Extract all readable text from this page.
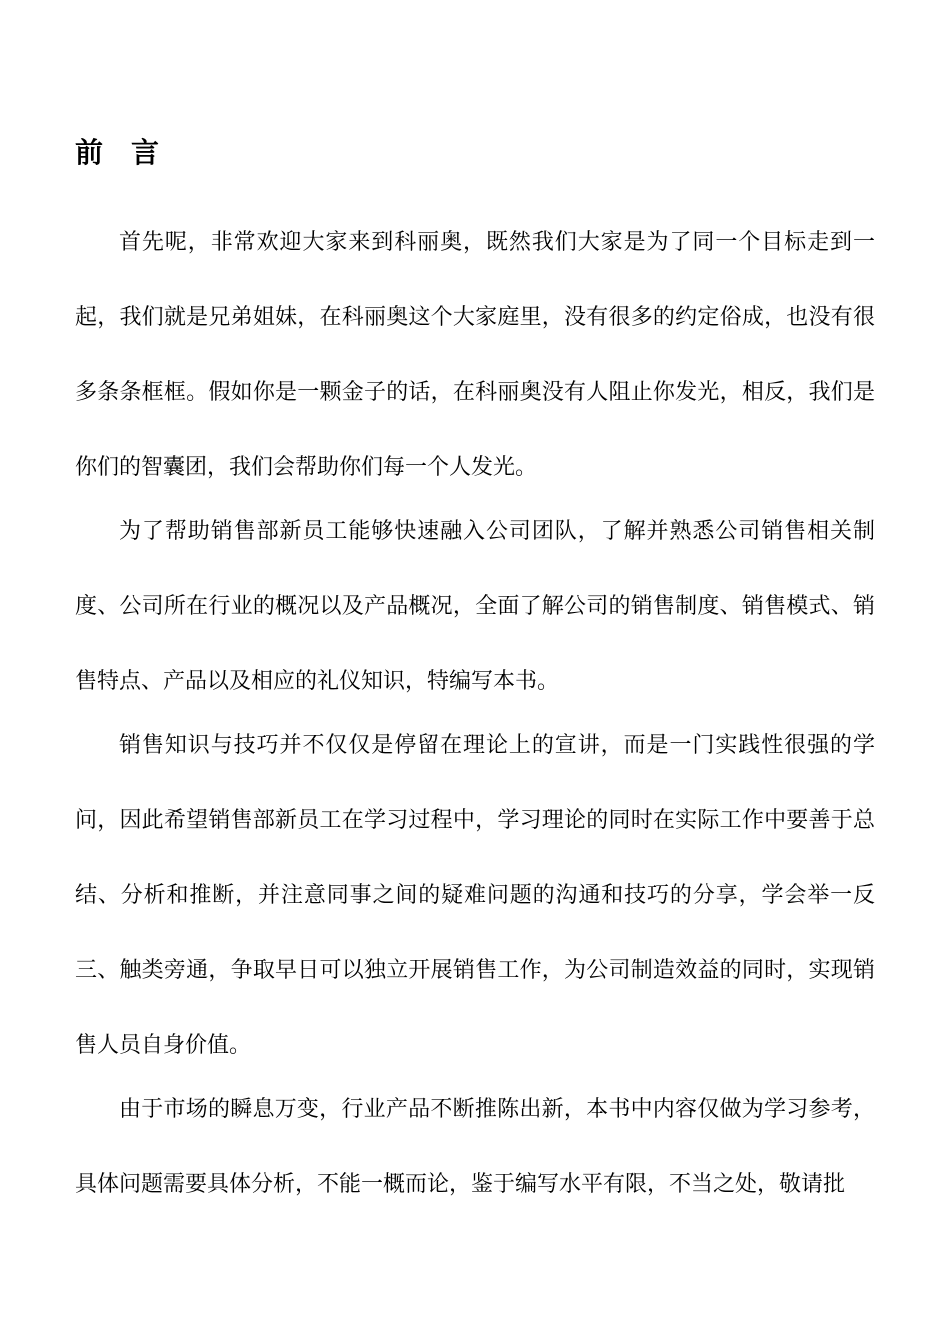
前 言

首先呢，非常欢迎大家来到科丽奥，既然我们大家是为了同一个目标走到一起，我们就是兄弟姐妹，在科丽奥这个大家庭里，没有很多的约定俗成，也没有很多条条框框。假如你是一颗金子的话，在科丽奥没有人阻止你发光，相反，我们是你们的智囊团，我们会帮助你们每一个人发光。

为了帮助销售部新员工能够快速融入公司团队，了解并熟悉公司销售相关制度、公司所在行业的概况以及产品概况，全面了解公司的销售制度、销售模式、销售特点、产品以及相应的礼仪知识，特编写本书。

销售知识与技巧并不仅仅是停留在理论上的宣讲，而是一门实践性很强的学问，因此希望销售部新员工在学习过程中，学习理论的同时在实际工作中要善于总结、分析和推断，并注意同事之间的疑难问题的沟通和技巧的分享，学会举一反三、触类旁通，争取早日可以独立开展销售工作，为公司制造效益的同时，实现销售人员自身价值。

由于市场的瞬息万变，行业产品不断推陈出新，本书中内容仅做为学习参考，具体问题需要具体分析，不能一概而论，鉴于编写水平有限，不当之处，敬请批
